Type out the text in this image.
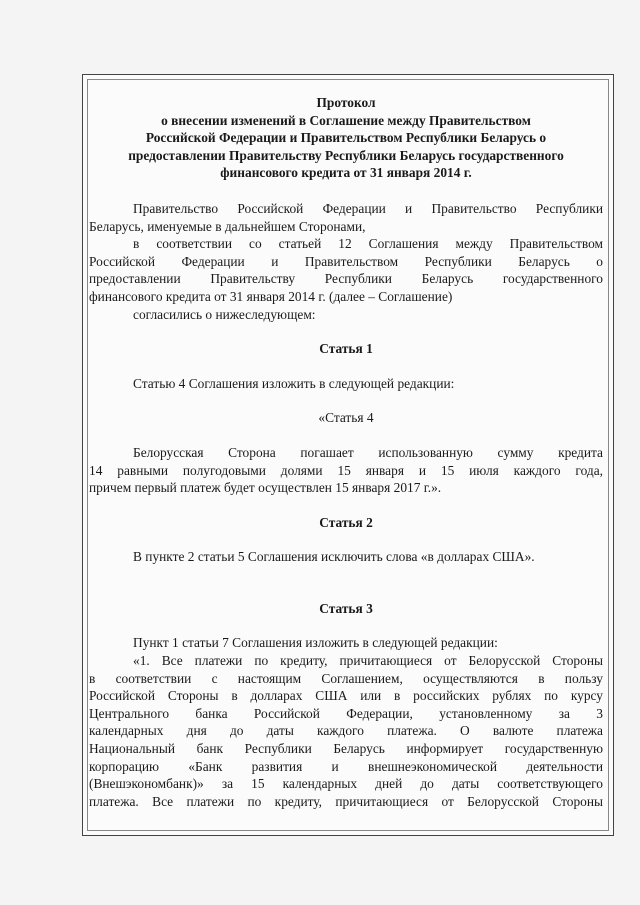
Протокол
о внесении изменений в Соглашение между Правительством
Российской Федерации и Правительством Республики Беларусь о
предоставлении Правительству Республики Беларусь государственного
финансового кредита от 31 января 2014 г.
Правительство Российской Федерации и Правительство Республики
Беларусь, именуемые в дальнейшем Сторонами,
в соответствии со статьей 12 Соглашения между Правительством
Российской Федерации и Правительством Республики Беларусь о
предоставлении Правительству Республики Беларусь государственного
финансового кредита от 31 января 2014 г. (далее – Соглашение)
согласились о нижеследующем:
Статья 1
Статью 4 Соглашения изложить в следующей редакции:
«Статья 4
Белорусская Сторона погашает использованную сумму кредита
14 равными полугодовыми долями 15 января и 15 июля каждого года,
причем первый платеж будет осуществлен 15 января 2017 г.».
Статья 2
В пункте 2 статьи 5 Соглашения исключить слова «в долларах США».
Статья 3
Пункт 1 статьи 7 Соглашения изложить в следующей редакции:
«1. Все платежи по кредиту, причитающиеся от Белорусской Стороны
в соответствии с настоящим Соглашением, осуществляются в пользу
Российской Стороны в долларах США или в российских рублях по курсу
Центрального банка Российской Федерации, установленному за 3
календарных дня до даты каждого платежа. О валюте платежа
Национальный банк Республики Беларусь информирует государственную
корпорацию «Банк развития и внешнеэкономической деятельности
(Внешэкономбанк)» за 15 календарных дней до даты соответствующего
платежа. Все платежи по кредиту, причитающиеся от Белорусской Стороны
